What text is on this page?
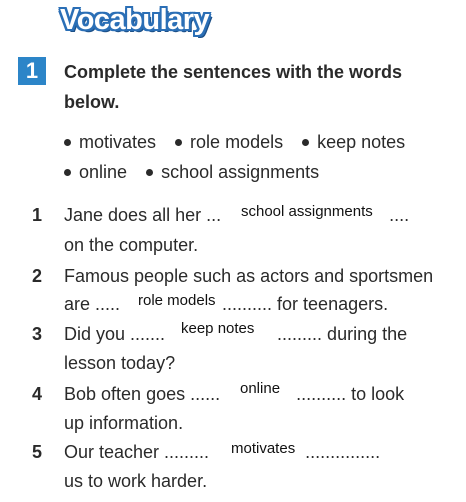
Vocabulary
1	Complete the sentences with the words below.
motivates
role models
keep notes
online
school assignments
1 Jane does all her ...	....
school assignments
on the computer.
2 Famous people such as actors and sportsmen
are .....	.......... for teenagers.
role models
3 Did you .......	......... during the
keep notes
lesson today?
4 Bob often goes ......	.......... to look
online
up information.
5 Our teacher .........	...............
motivates
us to work harder.
